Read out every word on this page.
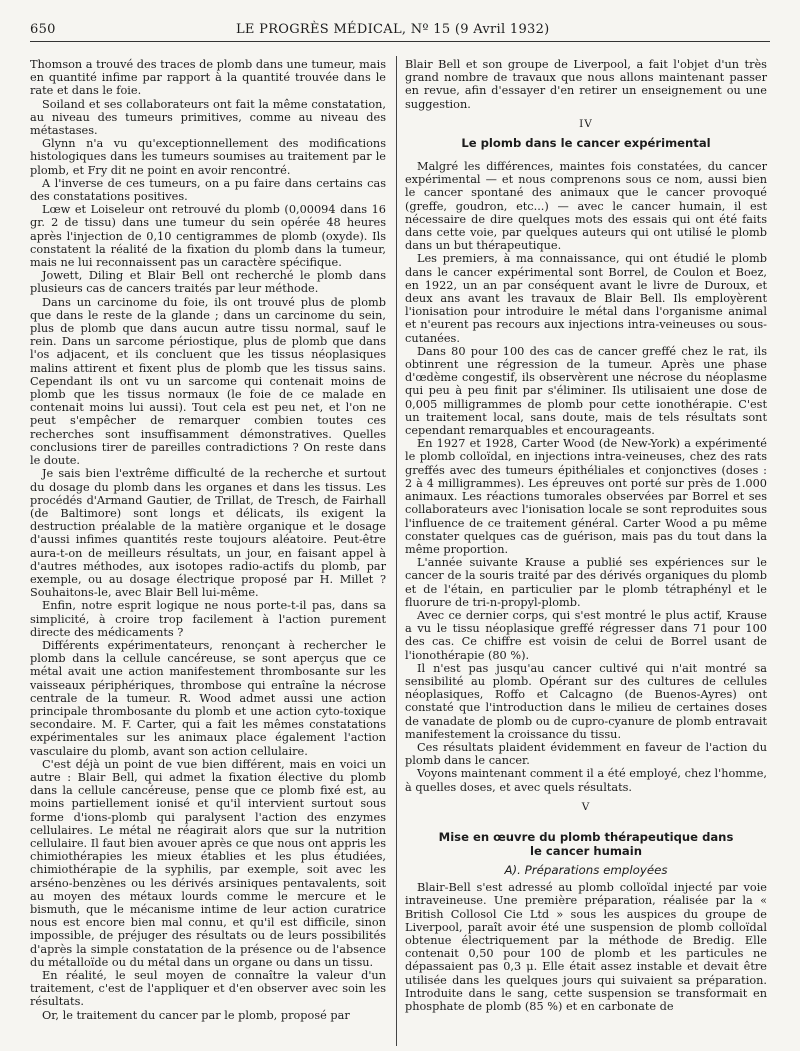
650	LE PROGRÈS MÉDICAL, Nº 15 (9 Avril 1932)

Thomson a trouvé des traces de plomb dans une tumeur, mais en quantité infime par rapport à la quantité trouvée dans le rate et dans le foie.

Soiland et ses collaborateurs ont fait la même constatation, au niveau des tumeurs primitives, comme au niveau des métastases.

Glynn n'a vu qu'exceptionnellement des modifications histologiques dans les tumeurs soumises au traitement par le plomb, et Fry dit ne point en avoir rencontré.

A l'inverse de ces tumeurs, on a pu faire dans certains cas des constatations positives.

Lœw et Loiseleur ont retrouvé du plomb (0,00094 dans 16 gr. 2 de tissu) dans une tumeur du sein opérée 48 heures après l'injection de 0,10 centigrammes de plomb (oxyde). Ils constatent la réalité de la fixation du plomb dans la tumeur, mais ne lui reconnaissent pas un caractère spécifique.

Jowett, Diling et Blair Bell ont recherché le plomb dans plusieurs cas de cancers traités par leur méthode.

Dans un carcinome du foie, ils ont trouvé plus de plomb que dans le reste de la glande ; dans un carcinome du sein, plus de plomb que dans aucun autre tissu normal, sauf le rein. Dans un sarcome périostique, plus de plomb que dans l'os adjacent, et ils concluent que les tissus néoplasiques malins attirent et fixent plus de plomb que les tissus sains. Cependant ils ont vu un sarcome qui contenait moins de plomb que les tissus normaux (le foie de ce malade en contenait moins lui aussi). Tout cela est peu net, et l'on ne peut s'empêcher de remarquer combien toutes ces recherches sont insuffisamment démonstratives. Quelles conclusions tirer de pareilles contradictions ? On reste dans le doute.

Je sais bien l'extrême difficulté de la recherche et surtout du dosage du plomb dans les organes et dans les tissus. Les procédés d'Armand Gautier, de Trillat, de Tresch, de Fairhall (de Baltimore) sont longs et délicats, ils exigent la destruction préalable de la matière organique et le dosage d'aussi infimes quantités reste toujours aléatoire. Peut-être aura-t-on de meilleurs résultats, un jour, en faisant appel à d'autres méthodes, aux isotopes radio-actifs du plomb, par exemple, ou au dosage électrique proposé par H. Millet ? Souhaitons-le, avec Blair Bell lui-même.

Enfin, notre esprit logique ne nous porte-t-il pas, dans sa simplicité, à croire trop facilement à l'action purement directe des médicaments ?

Différents expérimentateurs, renonçant à rechercher le plomb dans la cellule cancéreuse, se sont aperçus que ce métal avait une action manifestement thrombosante sur les vaisseaux périphériques, thrombose qui entraîne la nécrose centrale de la tumeur. R. Wood admet aussi une action principale thrombosante du plomb et une action cyto-toxique secondaire. M. F. Carter, qui a fait les mêmes constatations expérimentales sur les animaux place également l'action vasculaire du plomb, avant son action cellulaire.

C'est déjà un point de vue bien différent, mais en voici un autre : Blair Bell, qui admet la fixation élective du plomb dans la cellule cancéreuse, pense que ce plomb fixé est, au moins partiellement ionisé et qu'il intervient surtout sous forme d'ions-plomb qui paralysent l'action des enzymes cellulaires. Le métal ne réagirait alors que sur la nutrition cellulaire. Il faut bien avouer après ce que nous ont appris les chimiothérapies les mieux établies et les plus étudiées, chimiothérapie de la syphilis, par exemple, soit avec les arséno-benzènes ou les dérivés arsiniques pentavalents, soit au moyen des métaux lourds comme le mercure et le bismuth, que le mécanisme intime de leur action curatrice nous est encore bien mal connu, et qu'il est difficile, sinon impossible, de préjuger des résultats ou de leurs possibilités d'après la simple constatation de la présence ou de l'absence du métalloïde ou du métal dans un organe ou dans un tissu.

En réalité, le seul moyen de connaître la valeur d'un traitement, c'est de l'appliquer et d'en observer avec soin les résultats.

Or, le traitement du cancer par le plomb, proposé par

Blair Bell et son groupe de Liverpool, a fait l'objet d'un très grand nombre de travaux que nous allons maintenant passer en revue, afin d'essayer d'en retirer un enseignement ou une suggestion.

IV
Le plomb dans le cancer expérimental

Malgré les différences, maintes fois constatées, du cancer expérimental — et nous comprenons sous ce nom, aussi bien le cancer spontané des animaux que le cancer provoqué (greffe, goudron, etc...) — avec le cancer humain, il est nécessaire de dire quelques mots des essais qui ont été faits dans cette voie, par quelques auteurs qui ont utilisé le plomb dans un but thérapeutique.

Les premiers, à ma connaissance, qui ont étudié le plomb dans le cancer expérimental sont Borrel, de Coulon et Boez, en 1922, un an par conséquent avant le livre de Duroux, et deux ans avant les travaux de Blair Bell. Ils employèrent l'ionisation pour introduire le métal dans l'organisme animal et n'eurent pas recours aux injections intra-veineuses ou sous-cutanées.

Dans 80 pour 100 des cas de cancer greffé chez le rat, ils obtinrent une régression de la tumeur. Après une phase d'œdème congestif, ils observèrent une nécrose du néoplasme qui peu à peu finit par s'éliminer. Ils utilisaient une dose de 0,005 milligrammes de plomb pour cette ionothérapie. C'est un traitement local, sans doute, mais de tels résultats sont cependant remarquables et encourageants.

En 1927 et 1928, Carter Wood (de New-York) a expérimenté le plomb colloïdal, en injections intra-veineuses, chez des rats greffés avec des tumeurs épithéliales et conjonctives (doses : 2 à 4 milligrammes). Les épreuves ont porté sur près de 1.000 animaux. Les réactions tumorales observées par Borrel et ses collaborateurs avec l'ionisation locale se sont reproduites sous l'influence de ce traitement général. Carter Wood a pu même constater quelques cas de guérison, mais pas du tout dans la même proportion.

L'année suivante Krause a publié ses expériences sur le cancer de la souris traité par des dérivés organiques du plomb et de l'étain, en particulier par le plomb tétraphényl et le fluorure de tri-n-propyl-plomb.

Avec ce dernier corps, qui s'est montré le plus actif, Krause a vu le tissu néoplasique greffé régresser dans 71 pour 100 des cas. Ce chiffre est voisin de celui de Borrel usant de l'ionothérapie (80 %).

Il n'est pas jusqu'au cancer cultivé qui n'ait montré sa sensibilité au plomb. Opérant sur des cultures de cellules néoplasiques, Roffo et Calcagno (de Buenos-Ayres) ont constaté que l'introduction dans le milieu de certaines doses de vanadate de plomb ou de cupro-cyanure de plomb entravait manifestement la croissance du tissu.

Ces résultats plaident évidemment en faveur de l'action du plomb dans le cancer.

Voyons maintenant comment il a été employé, chez l'homme, à quelles doses, et avec quels résultats.

V
Mise en œuvre du plomb thérapeutique dans
le cancer humain
A). Préparations employées

Blair-Bell s'est adressé au plomb colloïdal injecté par voie intraveineuse. Une première préparation, réalisée par la « British Collosol Cie Ltd » sous les auspices du groupe de Liverpool, paraît avoir été une suspension de plomb colloïdal obtenue électriquement par la méthode de Bredig. Elle contenait 0,50 pour 100 de plomb et les particules ne dépassaient pas 0,3 μ. Elle était assez instable et devait être utilisée dans les quelques jours qui suivaient sa préparation. Introduite dans le sang, cette suspension se transformait en phosphate de plomb (85 %) et en carbonate de
